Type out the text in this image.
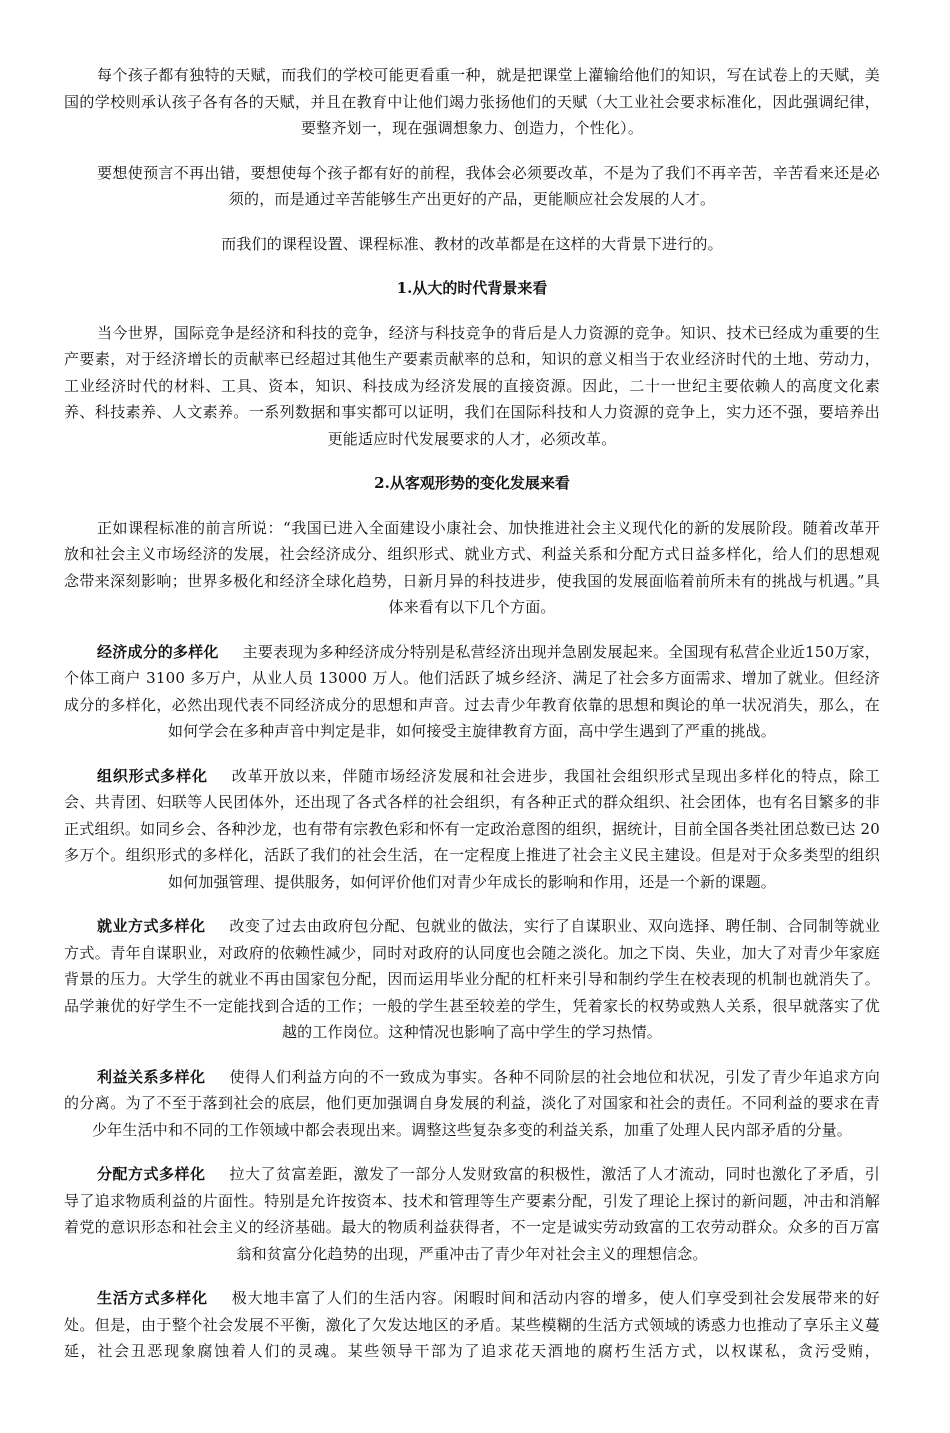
每个孩子都有独特的天赋，而我们的学校可能更看重一种，就是把课堂上灌输给他们的知识，写在试卷上的天赋，美国的学校则承认孩子各有各的天赋，并且在教育中让他们竭力张扬他们的天赋（大工业社会要求标准化，因此强调纪律，要整齐划一，现在强调想象力、创造力，个性化）。

要想使预言不再出错，要想使每个孩子都有好的前程，我体会必须要改革，不是为了我们不再辛苦，辛苦看来还是必须的，而是通过辛苦能够生产出更好的产品，更能顺应社会发展的人才。

而我们的课程设置、课程标准、教材的改革都是在这样的大背景下进行的。

1.从大的时代背景来看

当今世界，国际竞争是经济和科技的竞争，经济与科技竞争的背后是人力资源的竞争。知识、技术已经成为重要的生产要素，对于经济增长的贡献率已经超过其他生产要素贡献率的总和，知识的意义相当于农业经济时代的土地、劳动力，工业经济时代的材料、工具、资本，知识、科技成为经济发展的直接资源。因此，二十一世纪主要依赖人的高度文化素养、科技素养、人文素养。一系列数据和事实都可以证明，我们在国际科技和人力资源的竞争上，实力还不强，要培养出更能适应时代发展要求的人才，必须改革。

2.从客观形势的变化发展来看

正如课程标准的前言所说：“我国已进入全面建设小康社会、加快推进社会主义现代化的新的发展阶段。随着改革开放和社会主义市场经济的发展，社会经济成分、组织形式、就业方式、利益关系和分配方式日益多样化，给人们的思想观念带来深刻影响；世界多极化和经济全球化趋势，日新月异的科技进步，使我国的发展面临着前所未有的挑战与机遇。”具体来看有以下几个方面。

经济成分的多样化 主要表现为多种经济成分特别是私营经济出现并急剧发展起来。全国现有私营企业近150万家，个体工商户 3100 多万户，从业人员 13000 万人。他们活跃了城乡经济、满足了社会多方面需求、增加了就业。但经济成分的多样化，必然出现代表不同经济成分的思想和声音。过去青少年教育依靠的思想和舆论的单一状况消失，那么，在如何学会在多种声音中判定是非，如何接受主旋律教育方面，高中学生遇到了严重的挑战。

组织形式多样化 改革开放以来，伴随市场经济发展和社会进步，我国社会组织形式呈现出多样化的特点，除工会、共青团、妇联等人民团体外，还出现了各式各样的社会组织，有各种正式的群众组织、社会团体，也有名目繁多的非正式组织。如同乡会、各种沙龙，也有带有宗教色彩和怀有一定政治意图的组织，据统计，目前全国各类社团总数已达 20 多万个。组织形式的多样化，活跃了我们的社会生活，在一定程度上推进了社会主义民主建设。但是对于众多类型的组织如何加强管理、提供服务，如何评价他们对青少年成长的影响和作用，还是一个新的课题。

就业方式多样化 改变了过去由政府包分配、包就业的做法，实行了自谋职业、双向选择、聘任制、合同制等就业方式。青年自谋职业，对政府的依赖性减少，同时对政府的认同度也会随之淡化。加之下岗、失业，加大了对青少年家庭背景的压力。大学生的就业不再由国家包分配，因而运用毕业分配的杠杆来引导和制约学生在校表现的机制也就消失了。品学兼优的好学生不一定能找到合适的工作；一般的学生甚至较差的学生，凭着家长的权势或熟人关系，很早就落实了优越的工作岗位。这种情况也影响了高中学生的学习热情。

利益关系多样化 使得人们利益方向的不一致成为事实。各种不同阶层的社会地位和状况，引发了青少年追求方向的分离。为了不至于落到社会的底层，他们更加强调自身发展的利益，淡化了对国家和社会的责任。不同利益的要求在青少年生活中和不同的工作领域中都会表现出来。调整这些复杂多变的利益关系，加重了处理人民内部矛盾的分量。

分配方式多样化 拉大了贫富差距，激发了一部分人发财致富的积极性，激活了人才流动，同时也激化了矛盾，引导了追求物质利益的片面性。特别是允许按资本、技术和管理等生产要素分配，引发了理论上探讨的新问题，冲击和消解着党的意识形态和社会主义的经济基础。最大的物质利益获得者，不一定是诚实劳动致富的工农劳动群众。众多的百万富翁和贫富分化趋势的出现，严重冲击了青少年对社会主义的理想信念。

生活方式多样化 极大地丰富了人们的生活内容。闲暇时间和活动内容的增多，使人们享受到社会发展带来的好处。但是，由于整个社会发展不平衡，激化了欠发达地区的矛盾。某些模糊的生活方式领域的诱惑力也推动了享乐主义蔓延，社会丑恶现象腐蚀着人们的灵魂。某些领导干部为了追求花天酒地的腐朽生活方式，以权谋私，贪污受贿，
